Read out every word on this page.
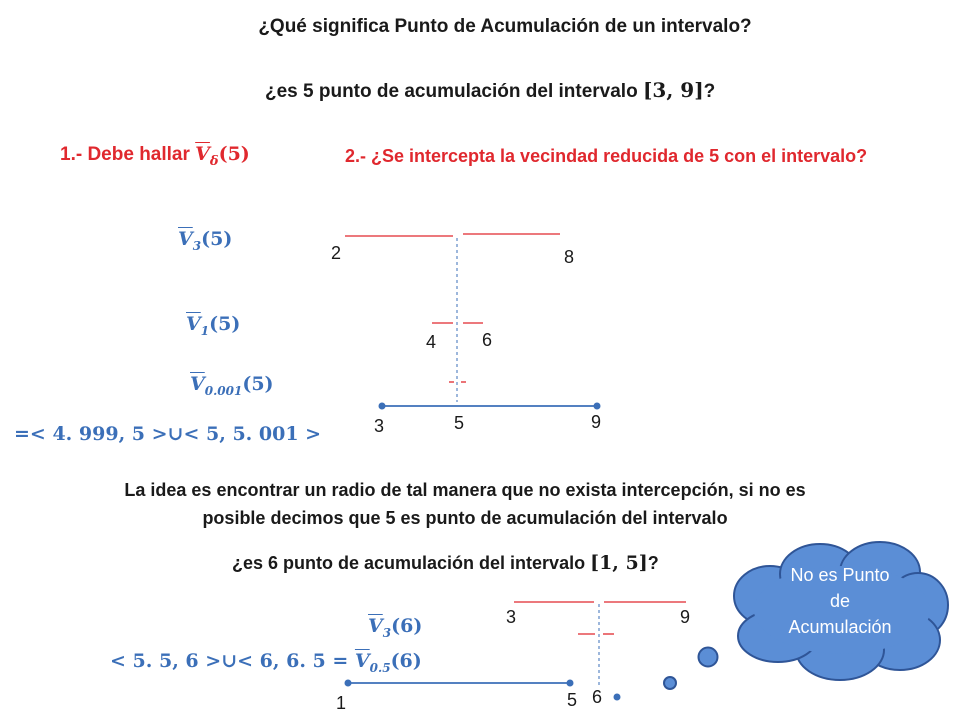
¿Qué significa Punto de Acumulación de un intervalo?
¿es 5 punto de acumulación del intervalo [3, 9]?
1.- Debe hallar $\overline{V}_\delta(5)$	2.- ¿Se intercepta la vecindad reducida de 5 con el intervalo?
$\overline{V}_3(5)$
$\overline{V}_1(5)$
$\overline{V}_{0.001}(5)$
=< 4. 999, 5 >∪< 5, 5. 001 >
2	8
4	6
3	5	9
La idea es encontrar un radio de tal manera que no exista intercepción, si no es
posible decimos que 5 es punto de acumulación del intervalo
¿es 6 punto de acumulación del intervalo [1, 5]?
No es Punto
de
Acumulación
$\overline{V}_3(6)$
< 5. 5, 6 >∪< 6, 6. $5 = \overline{V}_{0.5}(6)$
3	9
1	5 6
